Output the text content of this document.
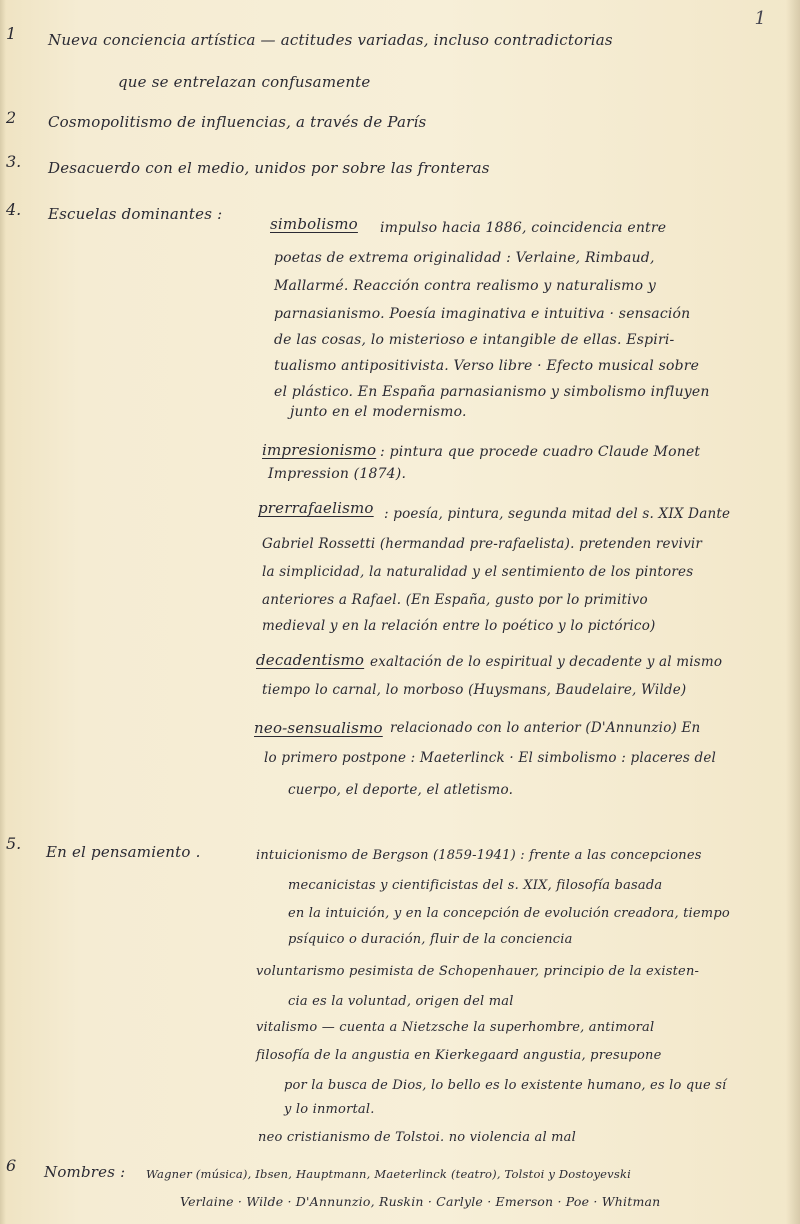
1
1	Nueva conciencia artística — actitudes variadas, incluso contradictorias
que se entrelazan confusamente
2	Cosmopolitismo de influencias, a través de París
3.	Desacuerdo con el medio, unidos por sobre las fronteras
4.	Escuelas dominantes :
simbolismo impulso hacia 1886, coincidencia entre
poetas de extrema originalidad : Verlaine, Rimbaud,
Mallarmé. Reacción contra realismo y naturalismo y
parnasianismo. Poesía imaginativa e intuitiva · sensación
de las cosas, lo misterioso e intangible de ellas. Espiri-
tualismo antipositivista. Verso libre · Efecto musical sobre
el plástico. En España parnasianismo y simbolismo influyen
junto en el modernismo.
impresionismo : pintura que procede cuadro Claude Monet
Impression (1874).
prerrafaelismo : poesía, pintura, segunda mitad del s. XIX Dante
Gabriel Rossetti (hermandad pre-rafaelista). pretenden revivir
la simplicidad, la naturalidad y el sentimiento de los pintores
anteriores a Rafael. (En España, gusto por lo primitivo
medieval y en la relación entre lo poético y lo pictórico)
decadentismo exaltación de lo espiritual y decadente y al mismo
tiempo lo carnal, lo morboso (Huysmans, Baudelaire, Wilde)
neo-sensualismo relacionado con lo anterior (D'Annunzio) En
lo primero postpone : Maeterlinck · El simbolismo : placeres del
cuerpo, el deporte, el atletismo.
5.	En el pensamiento .	intuicionismo de Bergson (1859-1941) : frente a las concepciones
mecanicistas y cientificistas del s. XIX, filosofía basada
en la intuición, y en la concepción de evolución creadora, tiempo
psíquico o duración, fluir de la conciencia
voluntarismo pesimista de Schopenhauer, principio de la existen-
cia es la voluntad, origen del mal
vitalismo — cuenta a Nietzsche la superhombre, antimoral
filosofía de la angustia en Kierkegaard angustia, presupone
por la busca de Dios, lo bello es lo existente humano, es lo que sí
y lo inmortal.
neo cristianismo de Tolstoi. no violencia al mal
6	Nombres : Wagner (música), Ibsen, Hauptmann, Maeterlinck (teatro), Tolstoi y Dostoyevski
Verlaine · Wilde · D'Annunzio, Ruskin · Carlyle · Emerson · Poe · Whitman
